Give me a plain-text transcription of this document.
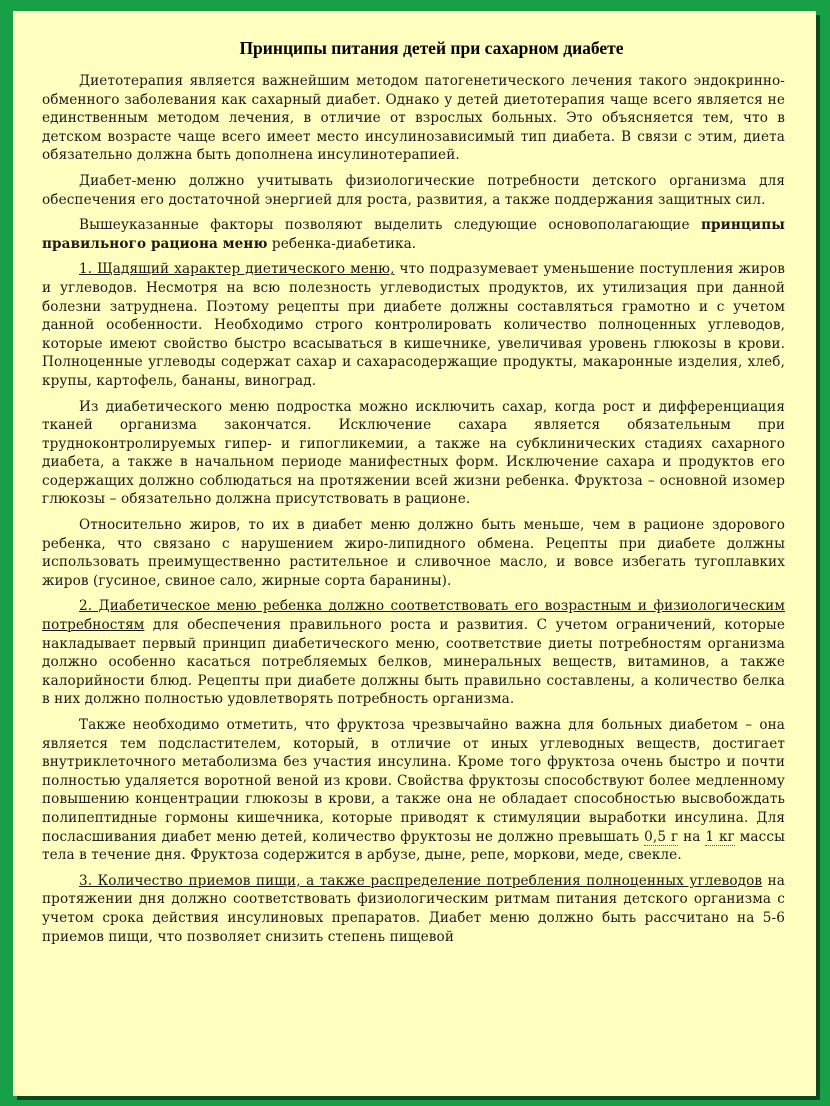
Принципы питания детей при сахарном диабете

Диетотерапия является важнейшим методом патогенетического лечения такого эндокринно-обменного заболевания как сахарный диабет. Однако у детей диетотерапия чаще всего является не единственным методом лечения, в отличие от взрослых больных. Это объясняется тем, что в детском возрасте чаще всего имеет место инсулинозависимый тип диабета. В связи с этим, диета обязательно должна быть дополнена инсулинотерапией.

Диабет-меню должно учитывать физиологические потребности детского организма для обеспечения его достаточной энергией для роста, развития, а также поддержания защитных сил.

Вышеуказанные факторы позволяют выделить следующие основополагающие принципы правильного рациона меню ребенка-диабетика.

1. Щадящий характер диетического меню, что подразумевает уменьшение поступления жиров и углеводов. Несмотря на всю полезность углеводистых продуктов, их утилизация при данной болезни затруднена. Поэтому рецепты при диабете должны составляться грамотно и с учетом данной особенности. Необходимо строго контролировать количество полноценных углеводов, которые имеют свойство быстро всасываться в кишечнике, увеличивая уровень глюкозы в крови. Полноценные углеводы содержат сахар и сахарасодержащие продукты, макаронные изделия, хлеб, крупы, картофель, бананы, виноград.

Из диабетического меню подростка можно исключить сахар, когда рост и дифференциация тканей организма закончатся. Исключение сахара является обязательным при трудноконтролируемых гипер- и гипогликемии, а также на субклинических стадиях сахарного диабета, а также в начальном периоде манифестных форм. Исключение сахара и продуктов его содержащих должно соблюдаться на протяжении всей жизни ребенка. Фруктоза – основной изомер глюкозы – обязательно должна присутствовать в рационе.

Относительно жиров, то их в диабет меню должно быть меньше, чем в рационе здорового ребенка, что связано с нарушением жиро-липидного обмена. Рецепты при диабете должны использовать преимущественно растительное и сливочное масло, и вовсе избегать тугоплавких жиров (гусиное, свиное сало, жирные сорта баранины).

2. Диабетическое меню ребенка должно соответствовать его возрастным и физиологическим потребностям для обеспечения правильного роста и развития. С учетом ограничений, которые накладывает первый принцип диабетического меню, соответствие диеты потребностям организма должно особенно касаться потребляемых белков, минеральных веществ, витаминов, а также калорийности блюд. Рецепты при диабете должны быть правильно составлены, а количество белка в них должно полностью удовлетворять потребность организма.

Также необходимо отметить, что фруктоза чрезвычайно важна для больных диабетом – она является тем подсластителем, который, в отличие от иных углеводных веществ, достигает внутриклеточного метаболизма без участия инсулина. Кроме того фруктоза очень быстро и почти полностью удаляется воротной веной из крови. Свойства фруктозы способствуют более медленному повышению концентрации глюкозы в крови, а также она не обладает способностью высвобождать полипептидные гормоны кишечника, которые приводят к стимуляции выработки инсулина. Для посласшивания диабет меню детей, количество фруктозы не должно превышать 0,5 г на 1 кг массы тела в течение дня. Фруктоза содержится в арбузе, дыне, репе, моркови, меде, свекле.

3. Количество приемов пищи, а также распределение потребления полноценных углеводов на протяжении дня должно соответствовать физиологическим ритмам питания детского организма с учетом срока действия инсулиновых препаратов. Диабет меню должно быть рассчитано на 5-6 приемов пищи, что позволяет снизить степень пищевой
